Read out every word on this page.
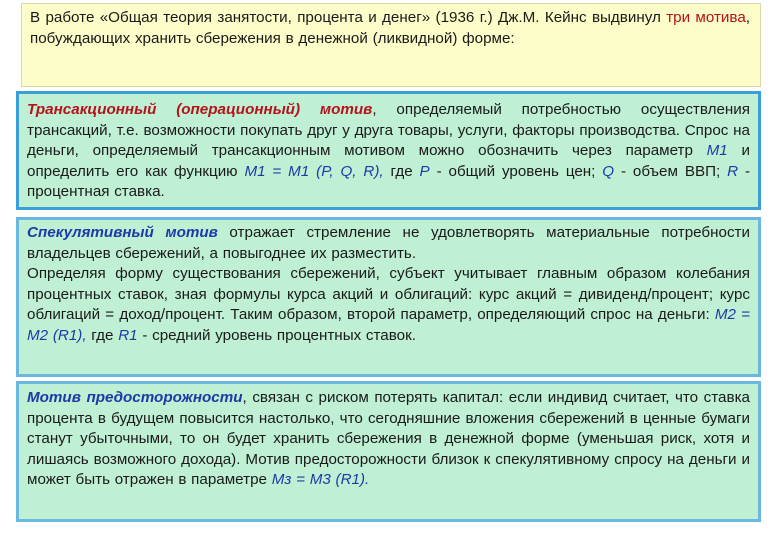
В работе «Общая теория занятости, процента и денег» (1936 г.) Дж.М. Кейнс выдвинул три мотива, побуждающих хранить сбережения в денежной (ликвидной) форме:

Трансакционный (операционный) мотив, определяемый потребностью осуществления трансакций, т.е. возможности покупать друг у друга товары, услуги, факторы производства. Спрос на деньги, определяемый трансакционным мотивом можно обозначить через параметр M1 и определить его как функцию M1 = M1 (P, Q, R), где P - общий уровень цен; Q - объем ВВП; R - процентная ставка.

Спекулятивный мотив отражает стремление не удовлетворять материальные потребности владельцев сбережений, а повыгоднее их разместить.

Определяя форму существования сбережений, субъект учитывает главным образом колебания процентных ставок, зная формулы курса акций и облигаций: курс акций = дивиденд/процент; курс облигаций = доход/процент. Таким образом, второй параметр, определяющий спрос на деньги: M2 = M2 (R1), где R1 - средний уровень процентных ставок.

Мотив предосторожности, связан с риском потерять капитал: если индивид считает, что ставка процента в будущем повысится настолько, что сегодняшние вложения сбережений в ценные бумаги станут убыточными, то он будет хранить сбережения в денежной форме (уменьшая риск, хотя и лишаясь возможного дохода). Мотив предосторожности близок к спекулятивному спросу на деньги и может быть отражен в параметре Мз = M3 (R1).
